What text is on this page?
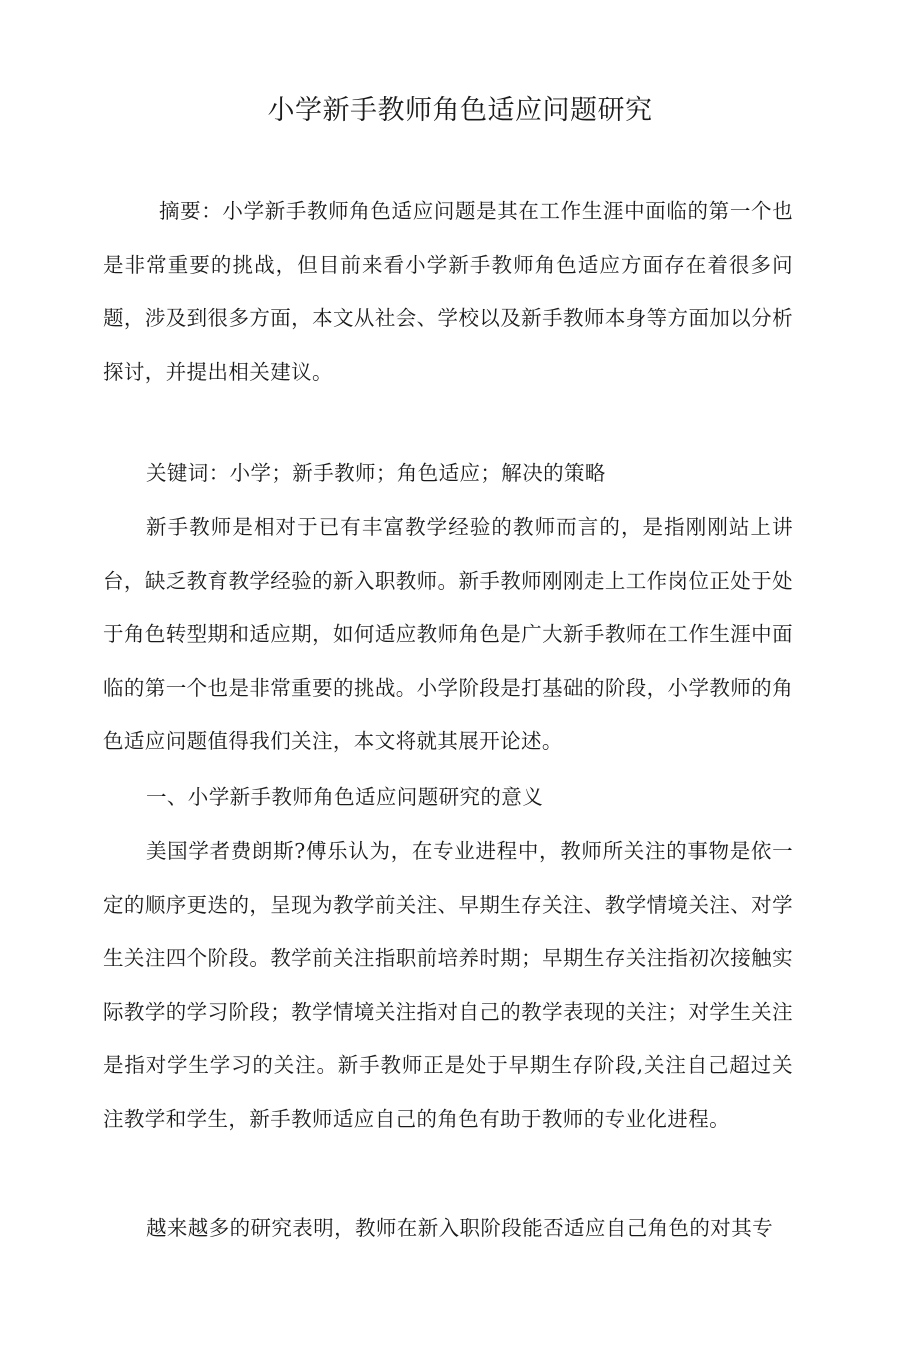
小学新手教师角色适应问题研究

摘要：小学新手教师角色适应问题是其在工作生涯中面临的第一个也是非常重要的挑战，但目前来看小学新手教师角色适应方面存在着很多问题，涉及到很多方面，本文从社会、学校以及新手教师本身等方面加以分析探讨，并提出相关建议。

关键词：小学；新手教师；角色适应；解决的策略

新手教师是相对于已有丰富教学经验的教师而言的，是指刚刚站上讲台，缺乏教育教学经验的新入职教师。新手教师刚刚走上工作岗位正处于处于角色转型期和适应期，如何适应教师角色是广大新手教师在工作生涯中面临的第一个也是非常重要的挑战。小学阶段是打基础的阶段，小学教师的角色适应问题值得我们关注，本文将就其展开论述。

一、小学新手教师角色适应问题研究的意义

美国学者费朗斯?傅乐认为，在专业进程中，教师所关注的事物是依一定的顺序更迭的，呈现为教学前关注、早期生存关注、教学情境关注、对学生关注四个阶段。教学前关注指职前培养时期；早期生存关注指初次接触实际教学的学习阶段；教学情境关注指对自己的教学表现的关注；对学生关注是指对学生学习的关注。新手教师正是处于早期生存阶段,关注自己超过关注教学和学生，新手教师适应自己的角色有助于教师的专业化进程。

越来越多的研究表明，教师在新入职阶段能否适应自己角色的对其专
